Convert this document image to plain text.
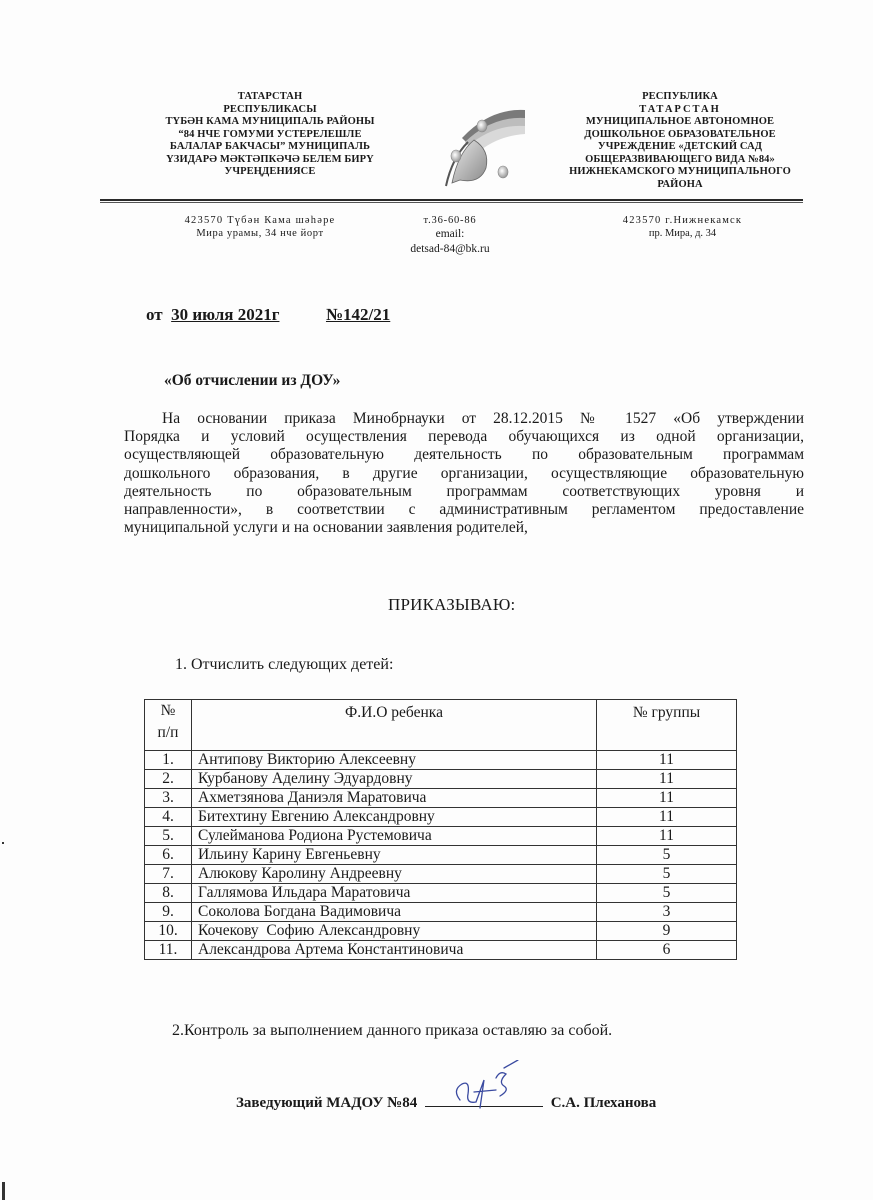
ТАТАРСТАН
РЕСПУБЛИКАСЫ
ТҮБӘН КАМА МУНИЦИПАЛЬ РАЙОНЫ
“84 НЧЕ ГОМУМИ УСТЕРЕЛЕШЛЕ
БАЛАЛАР БАКЧАСЫ” МУНИЦИПАЛЬ
ҮЗИДАРӘ МӘКТӘПКӘЧӘ БЕЛЕМ БИРҮ
УЧРЕҢДЕНИЯСЕ
РЕСПУБЛИКА
ТАТАРСТАН
МУНИЦИПАЛЬНОЕ АВТОНОМНОЕ
ДОШКОЛЬНОЕ ОБРАЗОВАТЕЛЬНОЕ
УЧРЕЖДЕНИЕ «ДЕТСКИЙ САД
ОБЩЕРАЗВИВАЮЩЕГО ВИДА №84»
НИЖНЕКАМСКОГО МУНИЦИПАЛЬНОГО
РАЙОНА
423570 Түбән Кама шәһәре
Мира урамы, 34 нче йорт
т.36-60-86
email:
detsad-84@bk.ru
423570 г.Нижнекамск
пр. Мира, д. 34
от 30 июля 2021г	№142/21
«Об отчислении из ДОУ»
На основании приказа Минобрнауки от 28.12.2015 № 1527 «Об утверждении
Порядка и условий осуществления перевода обучающихся из одной организации,
осуществляющей образовательную деятельность по образовательным программам
дошкольного образования, в другие организации, осуществляющие образовательную
деятельность по образовательным программам соответствующих уровня и
направленности», в соответствии с административным регламентом предоставление
муниципальной услуги и на основании заявления родителей,
ПРИКАЗЫВАЮ:
1. Отчислить следующих детей:
№
п/п	Ф.И.О ребенка	№ группы
1.	Антипову Викторию Алексеевну	11
2.	Курбанову Аделину Эдуардовну	11
3.	Ахметзянова Даниэля Маратовича	11
4.	Битехтину Евгению Александровну	11
5.	Сулейманова Родиона Рустемовича	11
6.	Ильину Карину Евгеньевну	5
7.	Алюкову Каролину Андреевну	5
8.	Галлямова Ильдара Маратовича	5
9.	Соколова Богдана Вадимовича	3
10.	Кочекову  Софию Александровну	9
11.	Александрова Артема Константиновича	6
2.Контроль за выполнением данного приказа оставляю за собой.
Заведующий МАДОУ №84	С.А. Плеханова
